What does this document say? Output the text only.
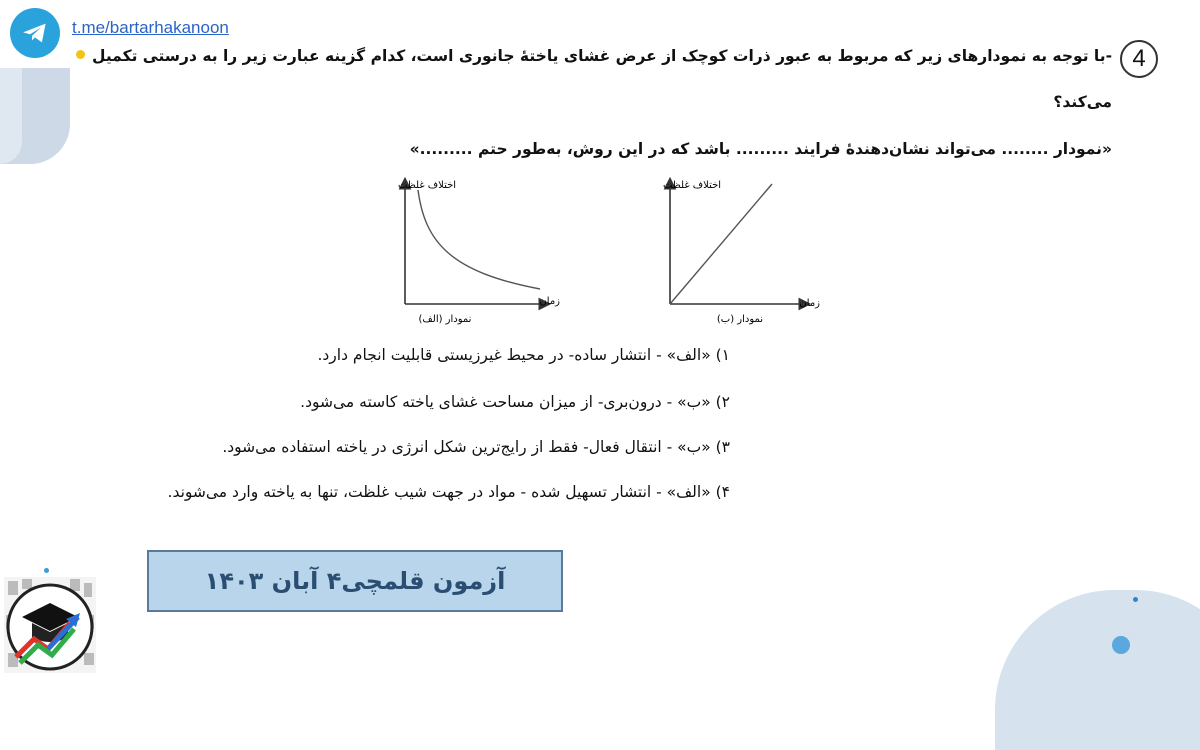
t.me/bartarhakanoon
4
-با توجه به نمودارهای زیر که مربوط به عبور ذرات کوچک از عرض غشای یاختهٔ جانوری است، کدام گزینه عبارت زیر را به درستی تکمیل
می‌کند؟
«نمودار ........ می‌تواند نشان‌دهندهٔ فرایند ......... باشد که در این روش، به‌طور حتم .........»
اختلاف غلظت
زمان
نمودار (الف)
اختلاف غلظت
زمان
نمودار (ب)
۱) «الف» - انتشار ساده- در محیط غیرزیستی قابلیت انجام دارد.
۲) «ب» - درون‌بری- از میزان مساحت غشای یاخته کاسته می‌شود.
۳) «ب» - انتقال فعال- فقط از رایج‌ترین شکل انرژی در یاخته استفاده می‌شود.
۴) «الف» - انتشار تسهیل شده - مواد در جهت شیب غلظت، تنها به یاخته وارد می‌شوند.
آزمون قلمچی۴ آبان ۱۴۰۳
